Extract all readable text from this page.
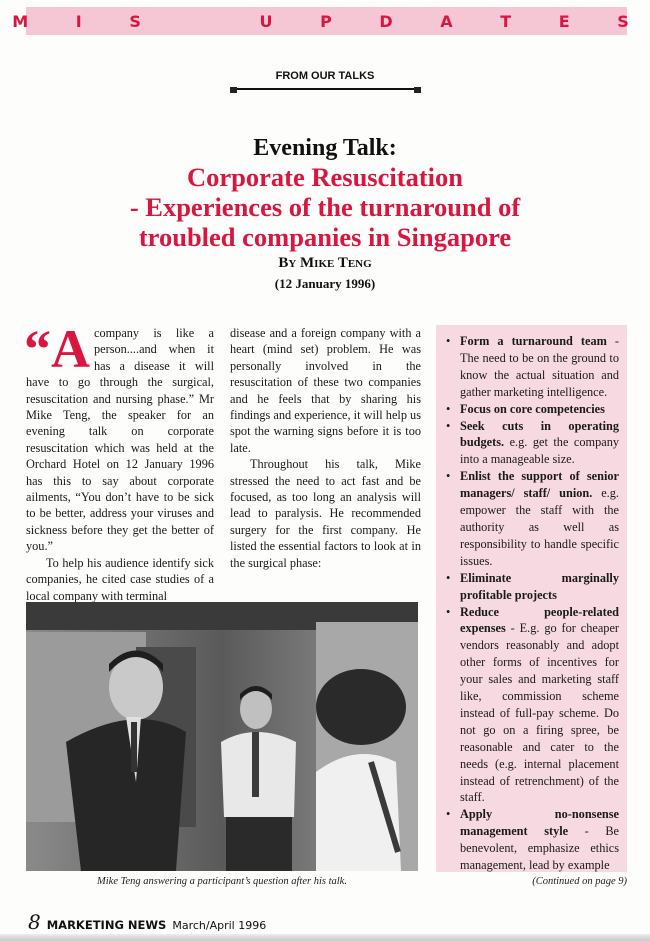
M I S   U P D A T E S
FROM OUR TALKS
Evening Talk:
Corporate Resuscitation
- Experiences of the turnaround of
troubled companies in Singapore
By Mike Teng
(12 January 1996)

“Acompany is like a person....and when it has a disease it will have to go through the surgical, resuscitation and nursing phase.” Mr Mike Teng, the speaker for an evening talk on corporate resuscitation which was held at the Orchard Hotel on 12 January 1996 has this to say about corporate ailments, “You don’t have to be sick to be better, address your viruses and sickness before they get the better of you.”

To help his audience identify sick companies, he cited case studies of a local company with terminal

disease and a foreign company with a heart (mind set) problem. He was personally involved in the resuscitation of these two companies and he feels that by sharing his findings and experience, it will help us spot the warning signs before it is too late.

Throughout his talk, Mike stressed the need to act fast and be focused, as too long an analysis will lead to paralysis. He recommended surgery for the first company. He listed the essential factors to look at in the surgical phase:

• Form a turnaround team - The need to be on the ground to know the actual situation and gather marketing intelligence.
• Focus on core competencies
• Seek cuts in operating budgets. e.g. get the company into a manageable size.
• Enlist the support of senior managers/ staff/ union. e.g. empower the staff with the authority as well as responsibility to handle specific issues.
• Eliminate marginally profitable projects
• Reduce people-related expenses - E.g. go for cheaper vendors reasonably and adopt other forms of incentives for your sales and marketing staff like, commission scheme instead of full-pay scheme. Do not go on a firing spree, be reasonable and cater to the needs (e.g. internal placement instead of retrenchment) of the staff.
• Apply no-nonsense management style - Be benevolent, emphasize ethics management, lead by example
Mike Teng answering a participant’s question after his talk.	(Continued on page 9)
8 MARKETING NEWS March/April 1996
